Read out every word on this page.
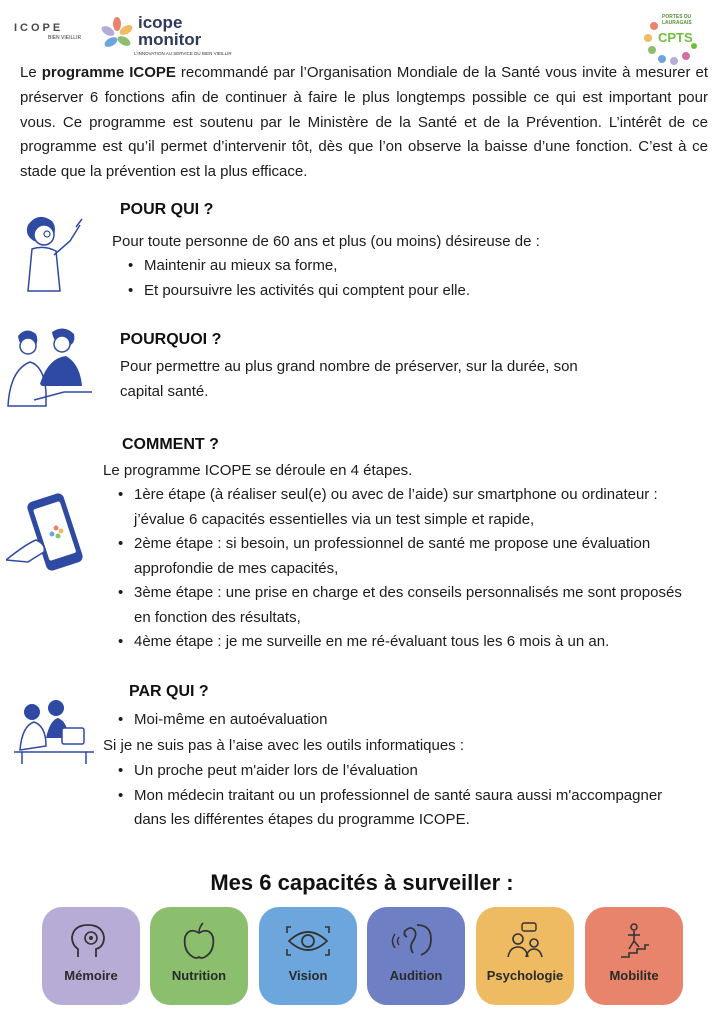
ICOPE
BIEN VIEILLIR
icope
monitor
L'INNOVATION AU SERVICE DU BIEN VIEILLIR
PORTES DU LAURAGAIS
CPTS

Le programme ICOPE recommandé par l’Organisation Mondiale de la Santé vous invite à mesurer et préserver 6 fonctions afin de continuer à faire le plus longtemps possible ce qui est important pour vous. Ce programme est soutenu par le Ministère de la Santé et de la Prévention. L’intérêt de ce programme est qu’il permet d’intervenir tôt, dès que l’on observe la baisse d’une fonction. C’est à ce stade que la prévention est la plus efficace.

POUR QUI ?

Pour toute personne de 60 ans et plus (ou moins) désireuse de :

• Maintenir au mieux sa forme,
• Et poursuivre les activités qui comptent pour elle.
POURQUOI ?

Pour permettre au plus grand nombre de préserver, sur la durée, son
capital santé.

COMMENT ?

Le programme ICOPE se déroule en 4 étapes.

• 1ère étape (à réaliser seul(e) ou avec de l’aide) sur smartphone ou ordinateur :
j’évalue 6 capacités essentielles via un test simple et rapide,
• 2ème étape : si besoin, un professionnel de santé me propose une évaluation
approfondie de mes capacités,
• 3ème étape : une prise en charge et des conseils personnalisés me sont proposés
en fonction des résultats,
• 4ème étape : je me surveille en me ré-évaluant tous les 6 mois à un an.
PAR QUI ?
• Moi-même en autoévaluation

Si je ne suis pas à l’aise avec les outils informatiques :

• Un proche peut m'aider lors de l’évaluation
• Mon médecin traitant ou un professionnel de santé saura aussi m'accompagner
dans les différentes étapes du programme ICOPE.
Mes 6 capacités à surveiller :
Mémoire	Nutrition	Vision	Audition	Psychologie	Mobilite
